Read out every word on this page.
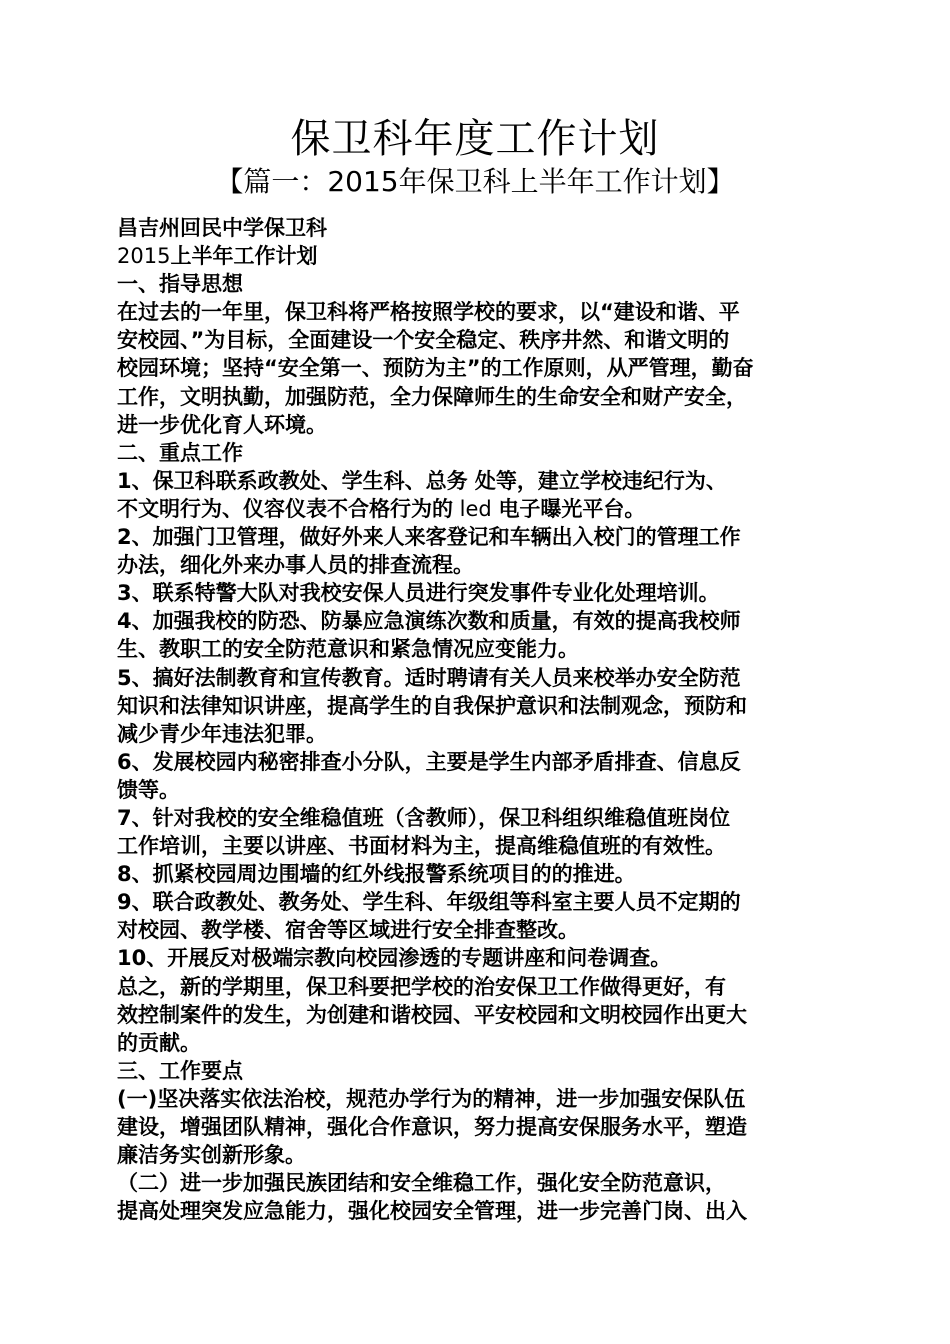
保卫科年度工作计划
【篇一：2015年保卫科上半年工作计划】

昌吉州回民中学保卫科

2015上半年工作计划

一、指导思想

在过去的一年里，保卫科将严格按照学校的要求，以“建设和谐、平

安校园、”为目标，全面建设一个安全稳定、秩序井然、和谐文明的

校园环境；坚持“安全第一、预防为主”的工作原则，从严管理，勤奋

工作，文明执勤，加强防范，全力保障师生的生命安全和财产安全，

进一步优化育人环境。

二、重点工作

1、保卫科联系政教处、学生科、总务 处等，建立学校违纪行为、

不文明行为、仪容仪表不合格行为的 led 电子曝光平台。

2、加强门卫管理，做好外来人来客登记和车辆出入校门的管理工作

办法，细化外来办事人员的排查流程。

3、联系特警大队对我校安保人员进行突发事件专业化处理培训。

4、加强我校的防恐、防暴应急演练次数和质量，有效的提高我校师

生、教职工的安全防范意识和紧急情况应变能力。

5、搞好法制教育和宣传教育。适时聘请有关人员来校举办安全防范

知识和法律知识讲座，提高学生的自我保护意识和法制观念，预防和

减少青少年违法犯罪。

6、发展校园内秘密排查小分队，主要是学生内部矛盾排查、信息反

馈等。

7、针对我校的安全维稳值班（含教师），保卫科组织维稳值班岗位

工作培训，主要以讲座、书面材料为主，提高维稳值班的有效性。

8、抓紧校园周边围墙的红外线报警系统项目的的推进。

9、联合政教处、教务处、学生科、年级组等科室主要人员不定期的

对校园、教学楼、宿舍等区域进行安全排查整改。

10、开展反对极端宗教向校园渗透的专题讲座和问卷调查。

总之，新的学期里，保卫科要把学校的治安保卫工作做得更好，有

效控制案件的发生，为创建和谐校园、平安校园和文明校园作出更大

的贡献。

三、工作要点

(一)坚决落实依法治校，规范办学行为的精神，进一步加强安保队伍

建设，增强团队精神，强化合作意识，努力提高安保服务水平，塑造

廉洁务实创新形象。

（二）进一步加强民族团结和安全维稳工作，强化安全防范意识，

提高处理突发应急能力，强化校园安全管理，进一步完善门岗、出入
